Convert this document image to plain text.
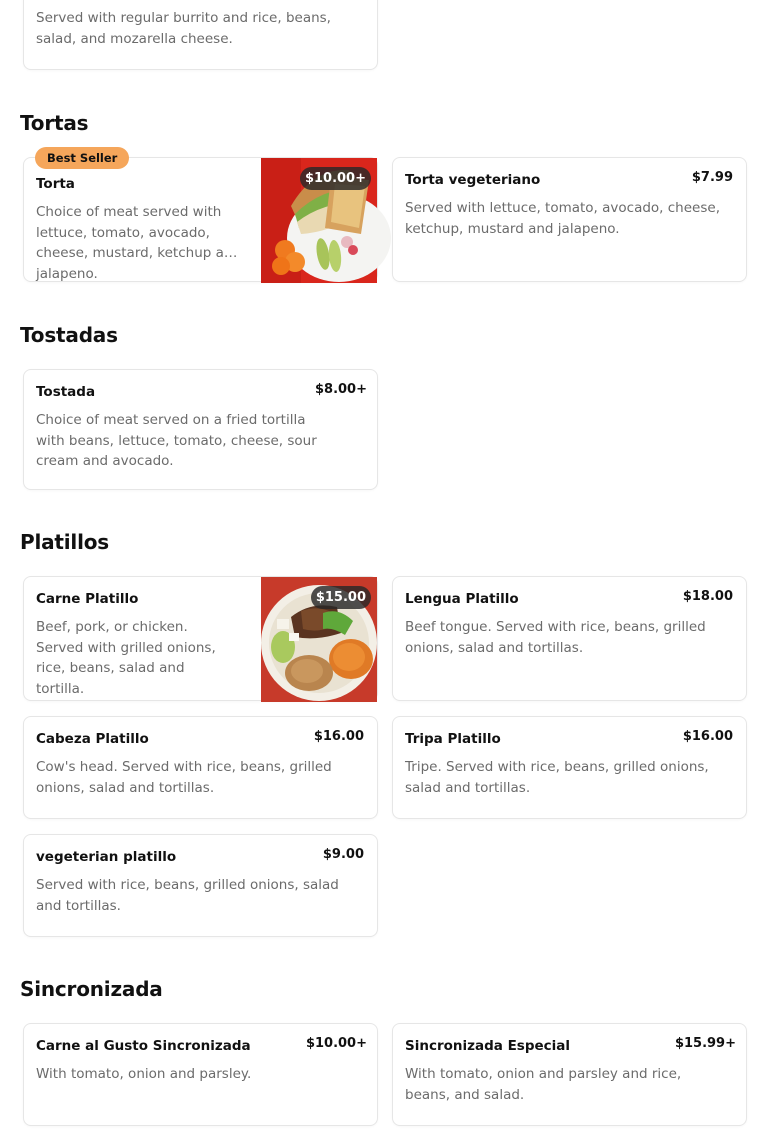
Served with regular burrito and rice, beans, salad, and mozarella cheese.
Tortas
Best Seller
Torta
Choice of meat served with lettuce, tomato, avocado, cheese, mustard, ketchup and jalapeno.
$10.00+	Torta vegeteriano	$7.99
Served with lettuce, tomato, avocado, cheese, ketchup, mustard and jalapeno.
Tostadas
Tostada	$8.00+
Choice of meat served on a fried tortilla with beans, lettuce, tomato, cheese, sour cream and avocado.
Platillos
Carne Platillo
Beef, pork, or chicken. Served with grilled onions, rice, beans, salad and tortilla.
$15.00	Lengua Platillo	$18.00
Beef tongue. Served with rice, beans, grilled onions, salad and tortillas.
Cabeza Platillo	$16.00
Cow's head. Served with rice, beans, grilled onions, salad and tortillas.
Tripa Platillo	$16.00
Tripe. Served with rice, beans, grilled onions, salad and tortillas.
vegeterian platillo	$9.00
Served with rice, beans, grilled onions, salad and tortillas.
Sincronizada
Carne al Gusto Sincronizada	$10.00+
With tomato, onion and parsley.
Sincronizada Especial	$15.99+
With tomato, onion and parsley and rice, beans, and salad.
